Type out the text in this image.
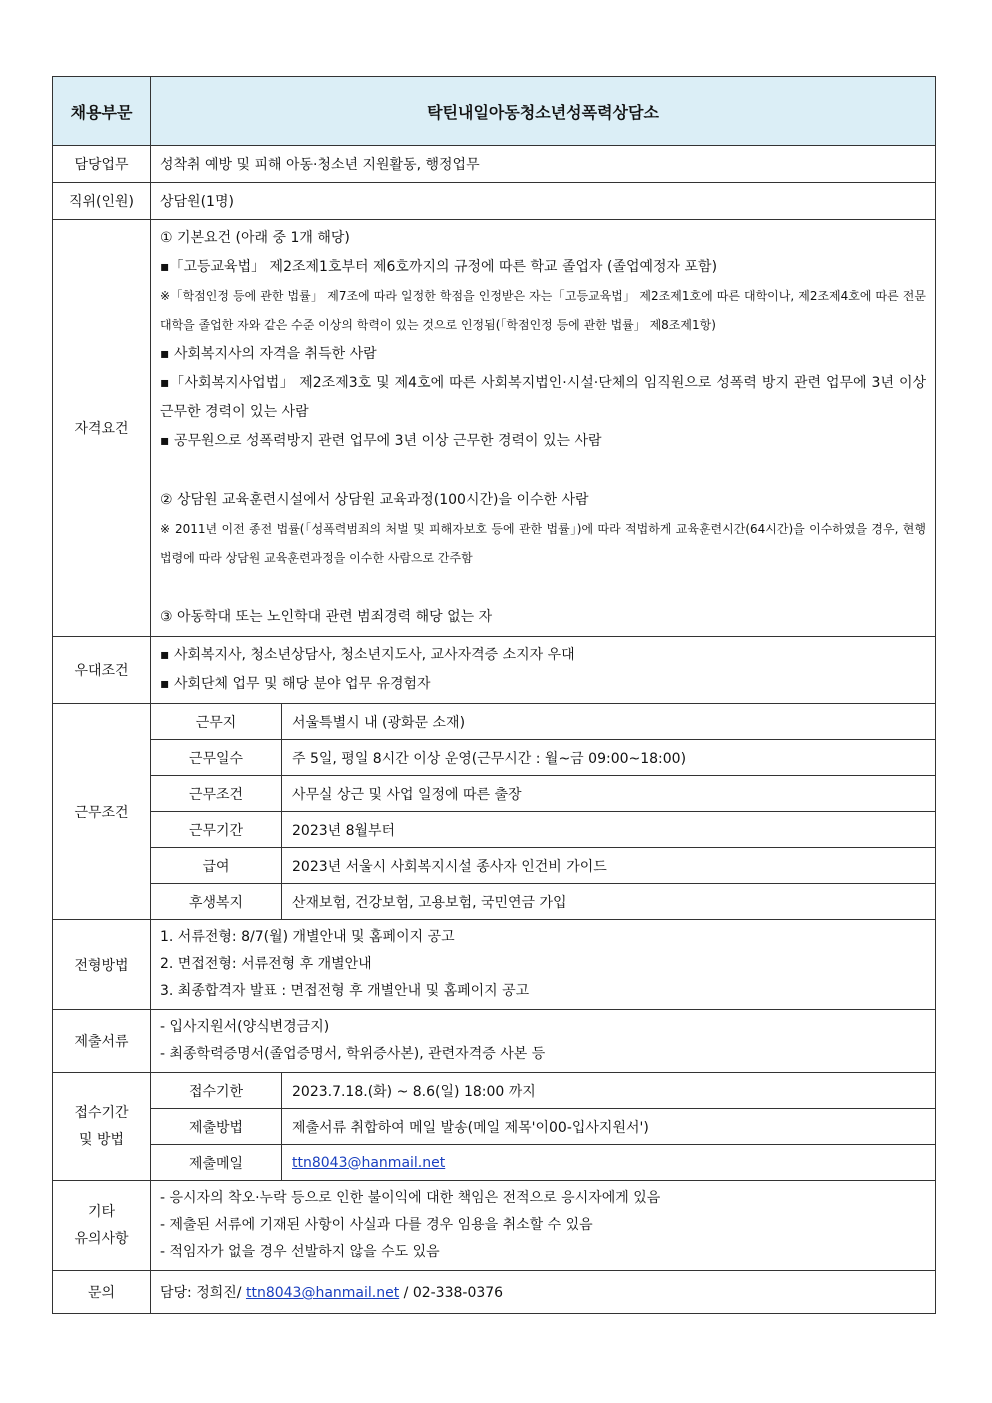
채용부문	탁틴내일아동청소년성폭력상담소
담당업무	성착취 예방 및 피해 아동·청소년 지원활동, 행정업무
직위(인원)	상담원(1명)
자격요건	
① 기본요건 (아래 중 1개 해당)
▪「고등교육법」 제2조제1호부터 제6호까지의 규정에 따른 학교 졸업자 (졸업예정자 포함)
※「학점인정 등에 관한 법률」 제7조에 따라 일정한 학점을 인정받은 자는「고등교육법」 제2조제1호에 따른 대학이나, 제2조제4호에 따른 전문대학을 졸업한 자와 같은 수준 이상의 학력이 있는 것으로 인정됨(「학점인정 등에 관한 법률」 제8조제1항)
▪ 사회복지사의 자격을 취득한 사람
▪「사회복지사업법」 제2조제3호 및 제4호에 따른 사회복지법인·시설·단체의 임직원으로 성폭력 방지 관련 업무에 3년 이상 근무한 경력이 있는 사람
▪ 공무원으로 성폭력방지 관련 업무에 3년 이상 근무한 경력이 있는 사람
② 상담원 교육훈련시설에서 상담원 교육과정(100시간)을 이수한 사람
※ 2011년 이전 종전 법률(「성폭력범죄의 처벌 및 피해자보호 등에 관한 법률」)에 따라 적법하게 교육훈련시간(64시간)을 이수하였을 경우, 현행 법령에 따라 상담원 교육훈련과정을 이수한 사람으로 간주함
③ 아동학대 또는 노인학대 관련 범죄경력 해당 없는 자

우대조건	
▪ 사회복지사, 청소년상담사, 청소년지도사, 교사자격증 소지자 우대
▪ 사회단체 업무 및 해당 분야 업무 유경험자

근무조건	
근무지	서울특별시 내 (광화문 소재)
근무일수	주 5일, 평일 8시간 이상 운영(근무시간 : 월~금 09:00~18:00)
근무조건	사무실 상근 및 사업 일정에 따른 출장
근무기간	2023년 8월부터
급여	2023년 서울시 사회복지시설 종사자 인건비 가이드
후생복지	산재보험, 건강보험, 고용보험, 국민연금 가입

전형방법	
1. 서류전형: 8/7(월) 개별안내 및 홈페이지 공고
2. 면접전형: 서류전형 후 개별안내
3. 최종합격자 발표 : 면접전형 후 개별안내 및 홈페이지 공고

제출서류	
- 입사지원서(양식변경금지)
- 최종학력증명서(졸업증명서, 학위증사본), 관련자격증 사본 등

접수기간
및 방법

접수기한	2023.7.18.(화) ~ 8.6(일) 18:00 까지
제출방법	제출서류 취합하여 메일 발송(메일 제목'이00-입사지원서')
제출메일	ttn8043@hanmail.net

기타
유의사항

- 응시자의 착오·누락 등으로 인한 불이익에 대한 책임은 전적으로 응시자에게 있음
- 제출된 서류에 기재된 사항이 사실과 다를 경우 임용을 취소할 수 있음
- 적임자가 없을 경우 선발하지 않을 수도 있음

문의	담당: 정희진/ ttn8043@hanmail.net / 02-338-0376
